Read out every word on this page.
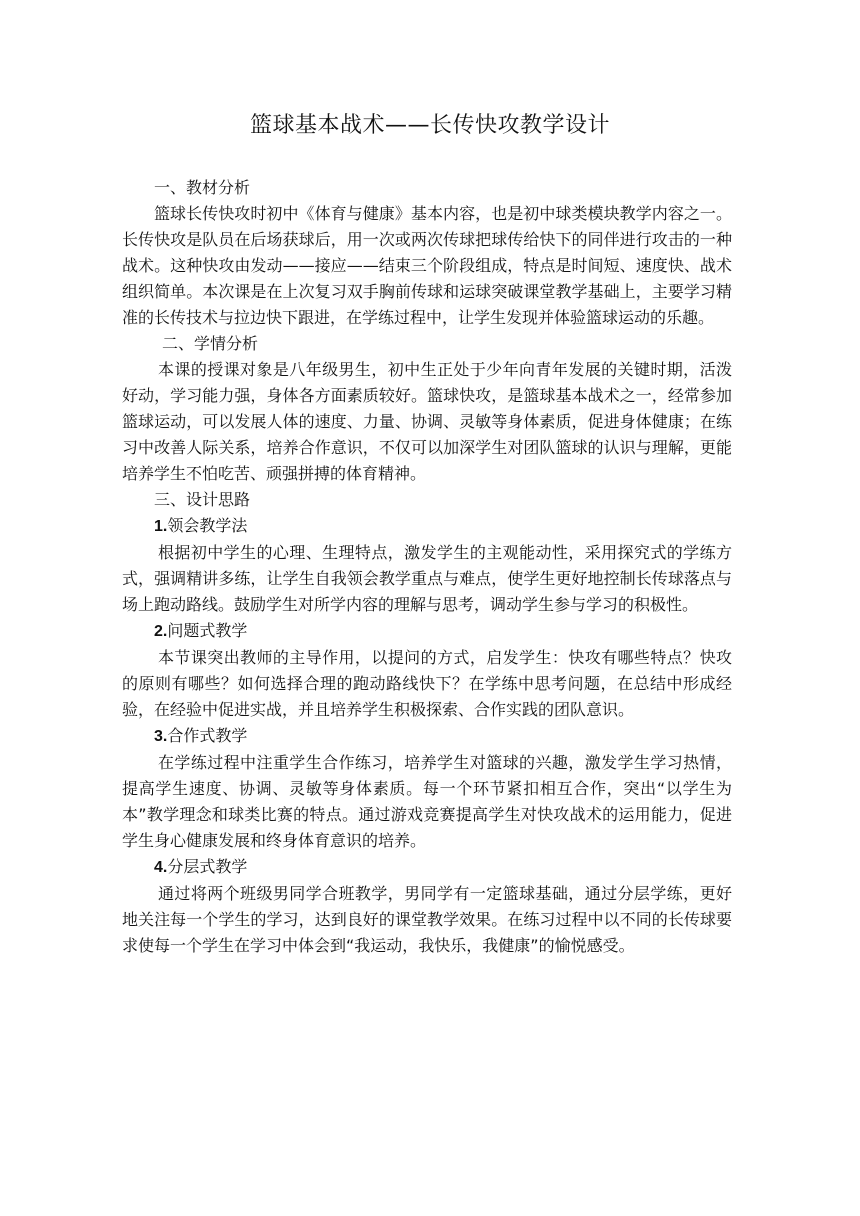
篮球基本战术——长传快攻教学设计

一、教材分析

篮球长传快攻时初中《体育与健康》基本内容，也是初中球类模块教学内容之一。长传快攻是队员在后场获球后，用一次或两次传球把球传给快下的同伴进行攻击的一种战术。这种快攻由发动——接应——结束三个阶段组成，特点是时间短、速度快、战术组织简单。本次课是在上次复习双手胸前传球和运球突破课堂教学基础上，主要学习精准的长传技术与拉边快下跟进，在学练过程中，让学生发现并体验篮球运动的乐趣。

二、学情分析

本课的授课对象是八年级男生，初中生正处于少年向青年发展的关键时期，活泼好动，学习能力强，身体各方面素质较好。篮球快攻，是篮球基本战术之一，经常参加篮球运动，可以发展人体的速度、力量、协调、灵敏等身体素质，促进身体健康；在练习中改善人际关系，培养合作意识，不仅可以加深学生对团队篮球的认识与理解，更能培养学生不怕吃苦、顽强拼搏的体育精神。

三、设计思路

1.领会教学法

根据初中学生的心理、生理特点，激发学生的主观能动性，采用探究式的学练方式，强调精讲多练，让学生自我领会教学重点与难点，使学生更好地控制长传球落点与场上跑动路线。鼓励学生对所学内容的理解与思考，调动学生参与学习的积极性。

2.问题式教学

本节课突出教师的主导作用，以提问的方式，启发学生：快攻有哪些特点？快攻的原则有哪些？如何选择合理的跑动路线快下？在学练中思考问题，在总结中形成经验，在经验中促进实战，并且培养学生积极探索、合作实践的团队意识。

3.合作式教学

在学练过程中注重学生合作练习，培养学生对篮球的兴趣，激发学生学习热情，提高学生速度、协调、灵敏等身体素质。每一个环节紧扣相互合作，突出“以学生为本”教学理念和球类比赛的特点。通过游戏竞赛提高学生对快攻战术的运用能力，促进学生身心健康发展和终身体育意识的培养。

4.分层式教学

通过将两个班级男同学合班教学，男同学有一定篮球基础，通过分层学练，更好地关注每一个学生的学习，达到良好的课堂教学效果。在练习过程中以不同的长传球要求使每一个学生在学习中体会到“我运动，我快乐，我健康”的愉悦感受。
